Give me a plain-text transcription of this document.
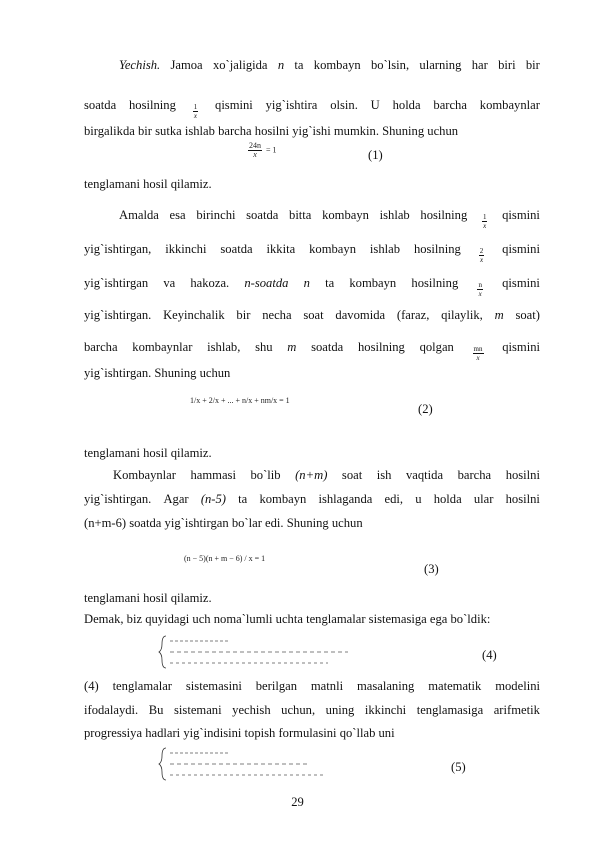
Yechish. Jamoa xo`jaligida n ta kombayn bo`lsin, ularning har biri bir
soatda hosilning $\frac{1}{x}$ qismini yig`ishtira olsin. U holda barcha kombaynlar
birgalikda bir sutka ishlab barcha hosilni yig`ishi mumkin. Shuning uchun
$\frac{24n}{x} = 1$	(1)
tenglamani hosil qilamiz.
Amalda esa birinchi soatda bitta kombayn ishlab hosilning $\frac{1}{x}$ qismini
yig`ishtirgan, ikkinchi soatda ikkita kombayn ishlab hosilning	$\frac{2}{x}$ qismini
yig`ishtirgan va hakoza. n-soatda n ta kombayn hosilning	$\frac{n}{x}$ qismini
yig`ishtirgan. Keyinchalik bir necha soat davomida (faraz, qilaylik, m soat)
barcha kombaynlar ishlab, shu m soatda hosilning qolgan	$\frac{mn}{x}$ qismini
yig`ishtirgan. Shuning uchun
1/x + 2/x + ... + n/x + nm/x = 1
(2)
tenglamani hosil qilamiz.
Kombaynlar hammasi bo`lib (n+m) soat ish vaqtida barcha hosilni
yig`ishtirgan. Agar (n-5) ta kombayn ishlaganda edi, u holda ular hosilni
(n+m-6) soatda yig`ishtirgan bo`lar edi. Shuning uchun
(n − 5)(n + m − 6) / x = 1
(3)
tenglamani hosil qilamiz.
Demak, biz quyidagi uch noma`lumli uchta tenglamalar sistemasiga ega bo`ldik:
(4)
(4) tenglamalar sistemasini berilgan matnli masalaning matematik modelini
ifodalaydi. Bu sistemani yechish uchun, uning ikkinchi tenglamasiga arifmetik
progressiya hadlari yig`indisini topish formulasini qo`llab uni
(5)
29
